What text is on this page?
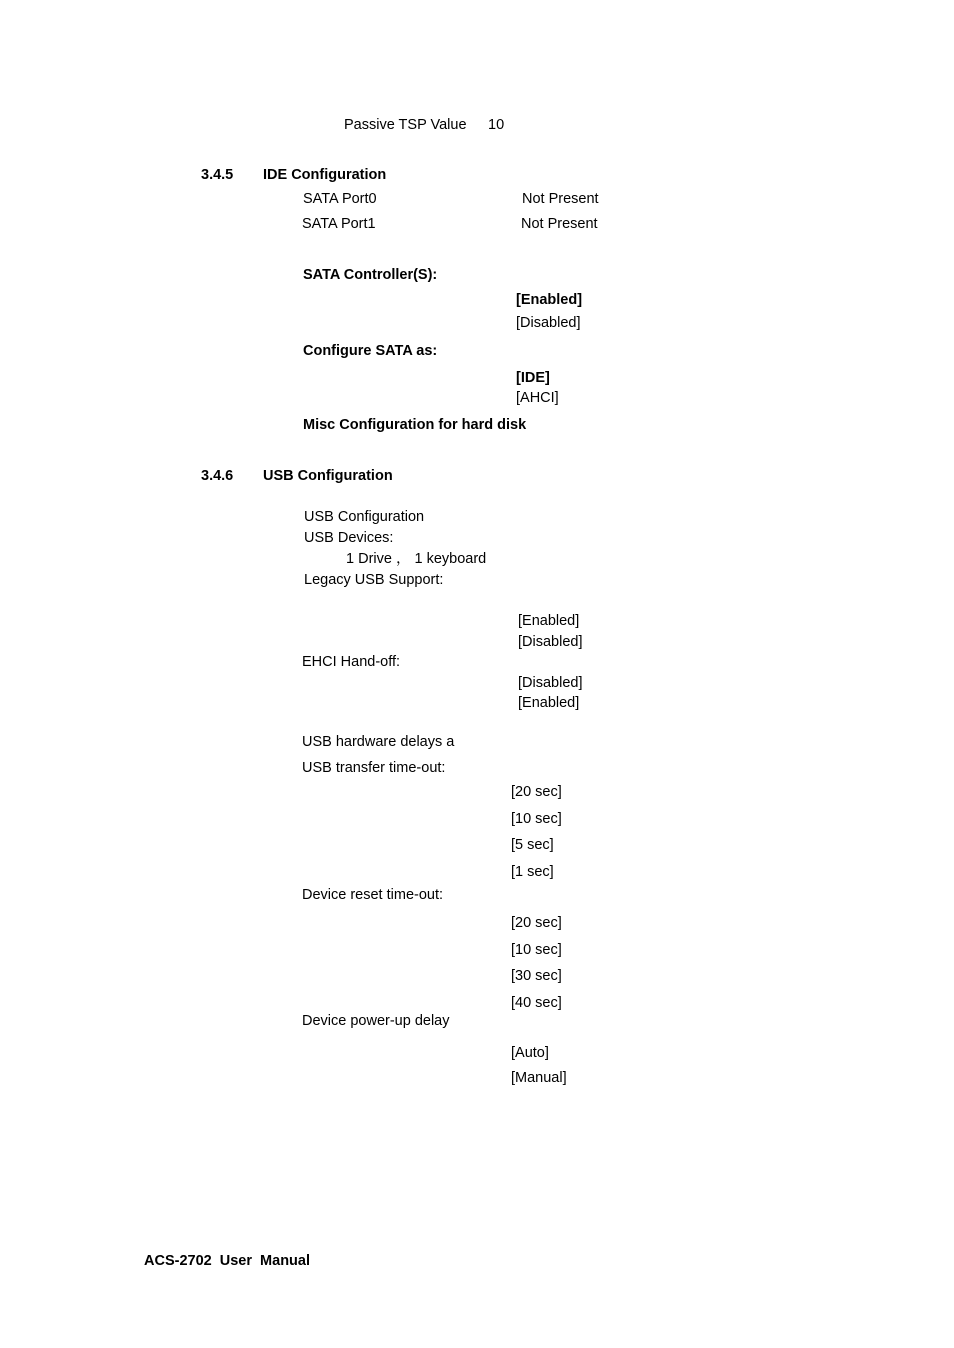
Passive TSP Value 10
3.4.5 IDE Configuration
SATA Port0	Not Present
SATA Port1	Not Present
SATA Controller(S):
[Enabled]
[Disabled]
Configure SATA as:
[IDE]
[AHCI]
Misc Configuration for hard disk
3.4.6 USB Configuration
USB Configuration
USB Devices:
1 Drive ， 1 keyboard
Legacy USB Support:
[Enabled]
[Disabled]
EHCI Hand-off:
[Disabled]
[Enabled]
USB hardware delays a
USB transfer time-out:
[20 sec]
[10 sec]
[5 sec]
[1 sec]
Device reset time-out:
[20 sec]
[10 sec]
[30 sec]
[40 sec]
Device power-up delay
[Auto]
[Manual]
ACS-2702  User  Manual
